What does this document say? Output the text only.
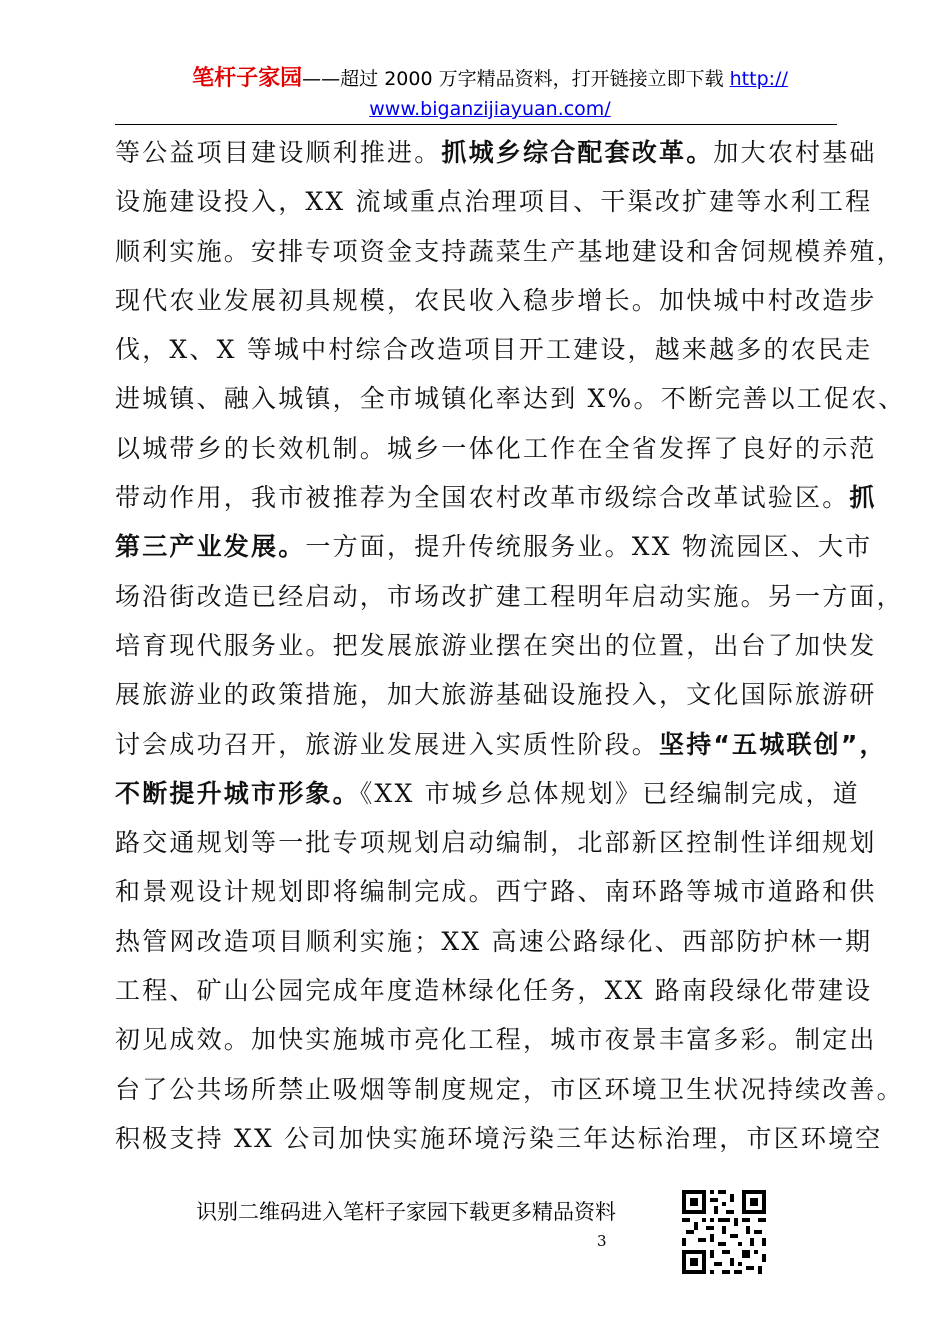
笔杆子家园——超过 2000 万字精品资料，打开链接立即下载 http://
www.biganzijiayuan.com/
等公益项目建设顺利推进。抓城乡综合配套改革。加大农村基础
设施建设投入，XX 流域重点治理项目、干渠改扩建等水利工程
顺利实施。安排专项资金支持蔬菜生产基地建设和舍饲规模养殖，
现代农业发展初具规模，农民收入稳步增长。加快城中村改造步
伐，X、X 等城中村综合改造项目开工建设，越来越多的农民走
进城镇、融入城镇，全市城镇化率达到 X%。不断完善以工促农、
以城带乡的长效机制。城乡一体化工作在全省发挥了良好的示范
带动作用，我市被推荐为全国农村改革市级综合改革试验区。抓
第三产业发展。一方面，提升传统服务业。XX 物流园区、大市
场沿街改造已经启动，市场改扩建工程明年启动实施。另一方面，
培育现代服务业。把发展旅游业摆在突出的位置，出台了加快发
展旅游业的政策措施，加大旅游基础设施投入，文化国际旅游研
讨会成功召开，旅游业发展进入实质性阶段。坚持“五城联创”，
不断提升城市形象。《XX 市城乡总体规划》已经编制完成，道
路交通规划等一批专项规划启动编制，北部新区控制性详细规划
和景观设计规划即将编制完成。西宁路、南环路等城市道路和供
热管网改造项目顺利实施；XX 高速公路绿化、西部防护林一期
工程、矿山公园完成年度造林绿化任务，XX 路南段绿化带建设
初见成效。加快实施城市亮化工程，城市夜景丰富多彩。制定出
台了公共场所禁止吸烟等制度规定，市区环境卫生状况持续改善。
积极支持 XX 公司加快实施环境污染三年达标治理，市区环境空
识别二维码进入笔杆子家园下载更多精品资料
3
